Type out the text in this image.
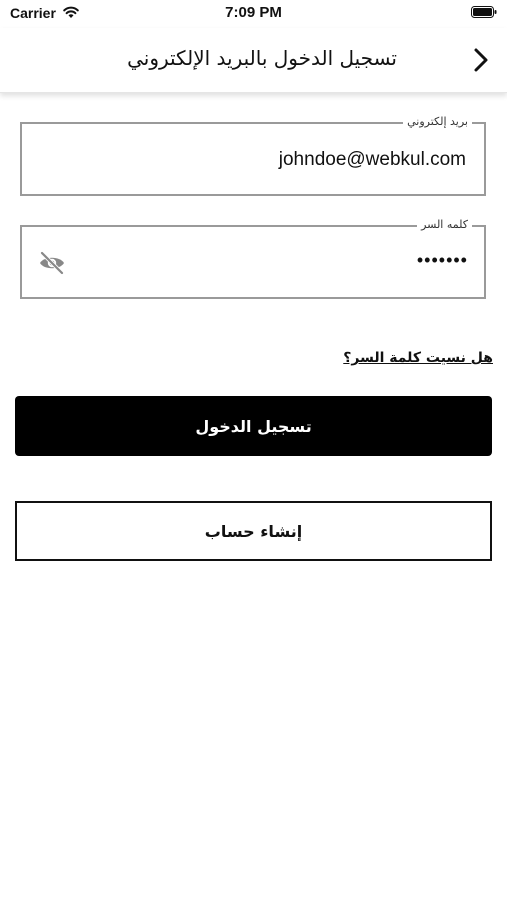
Carrier	7:09 PM
تسجيل الدخول بالبريد الإلكتروني
بريد إلكتروني
johndoe@webkul.com
كلمه السر
•••••••
هل نسيت كلمة السر؟
تسجيل الدخول
إنشاء حساب
